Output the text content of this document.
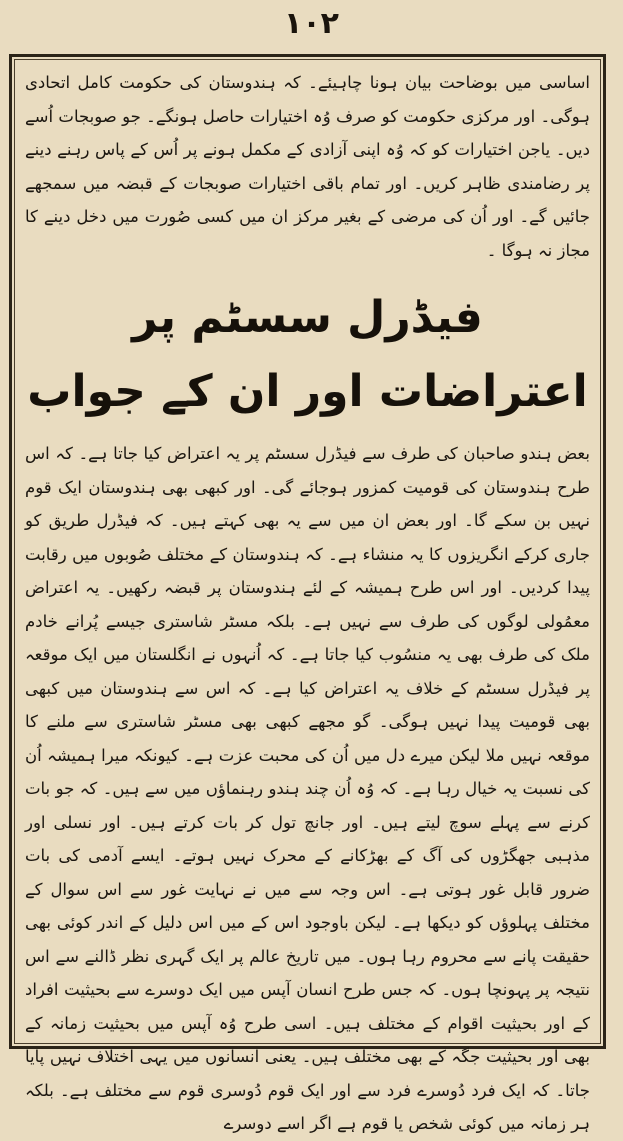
۱۰۲

اساسی میں بوضاحت بیان ہونا چاہیئے۔ کہ ہندوستان کی حکومت کامل اتحادی ہوگی۔ اور مرکزی حکومت کو صرف وُہ اختیارات حاصل ہونگے۔ جو صوبجات اُسے دیں۔ یاجن اختیارات کو کہ وُہ اپنی آزادی کے مکمل ہونے پر اُس کے پاس رہنے دینے پر رضامندی ظاہر کریں۔ اور تمام باقی اختیارات صوبجات کے قبضہ میں سمجھے جائیں گے۔ اور اُن کی مرضی کے بغیر مرکز ان میں کسی صُورت میں دخل دینے کا مجاز نہ ہوگا ۔

فیڈرل سسٹم پر اعتراضات اور ان کے جواب

بعض ہندو صاحبان کی طرف سے فیڈرل سسٹم پر یہ اعتراض کیا جاتا ہے۔ کہ اس طرح ہندوستان کی قومیت کمزور ہوجائے گی۔ اور کبھی بھی ہندوستان ایک قوم نہیں بن سکے گا۔ اور بعض ان میں سے یہ بھی کہتے ہیں۔ کہ فیڈرل طریق کو جاری کرکے انگریزوں کا یہ منشاء ہے۔ کہ ہندوستان کے مختلف صُوبوں میں رقابت پیدا کردیں۔ اور اس طرح ہمیشہ کے لئے ہندوستان پر قبضہ رکھیں۔ یہ اعتراض معمُولی لوگوں کی طرف سے نہیں ہے۔ بلکہ مسٹر شاستری جیسے پُرانے خادم ملک کی طرف بھی یہ منسُوب کیا جاتا ہے۔ کہ اُنہوں نے انگلستان میں ایک موقعہ پر فیڈرل سسٹم کے خلاف یہ اعتراض کیا ہے۔ کہ اس سے ہندوستان میں کبھی بھی قومیت پیدا نہیں ہوگی۔ گو مجھے کبھی بھی مسٹر شاستری سے ملنے کا موقعہ نہیں ملا لیکن میرے دل میں اُن کی محبت عزت ہے۔ کیونکہ میرا ہمیشہ اُن کی نسبت یہ خیال رہا ہے۔ کہ وُہ اُن چند ہندو رہنماؤں میں سے ہیں۔ کہ جو بات کرنے سے پہلے سوچ لیتے ہیں۔ اور جانچ تول کر بات کرتے ہیں۔ اور نسلی اور مذہبی جھگڑوں کی آگ کے بھڑکانے کے محرک نہیں ہوتے۔ ایسے آدمی کی بات ضرور قابل غور ہوتی ہے۔ اس وجہ سے میں نے نہایت غور سے اس سوال کے مختلف پہلوؤں کو دیکھا ہے۔ لیکن باوجود اس کے میں اس دلیل کے اندر کوئی بھی حقیقت پانے سے محروم رہا ہوں۔ میں تاریخ عالم پر ایک گہری نظر ڈالنے سے اس نتیجہ پر پہونچا ہوں۔ کہ جس طرح انسان آپس میں ایک دوسرے سے بحیثیت افراد کے اور بحیثیت اقوام کے مختلف ہیں۔ اسی طرح وُہ آپس میں بحیثیت زمانہ کے بھی اور بحیثیت جگہ کے بھی مختلف ہیں۔ یعنی انسانوں میں یہی اختلاف نہیں پایا جاتا۔ کہ ایک فرد دُوسرے فرد سے اور ایک قوم دُوسری قوم سے مختلف ہے۔ بلکہ ہر زمانہ میں کوئی شخص یا قوم ہے اگر اسے دوسرے
